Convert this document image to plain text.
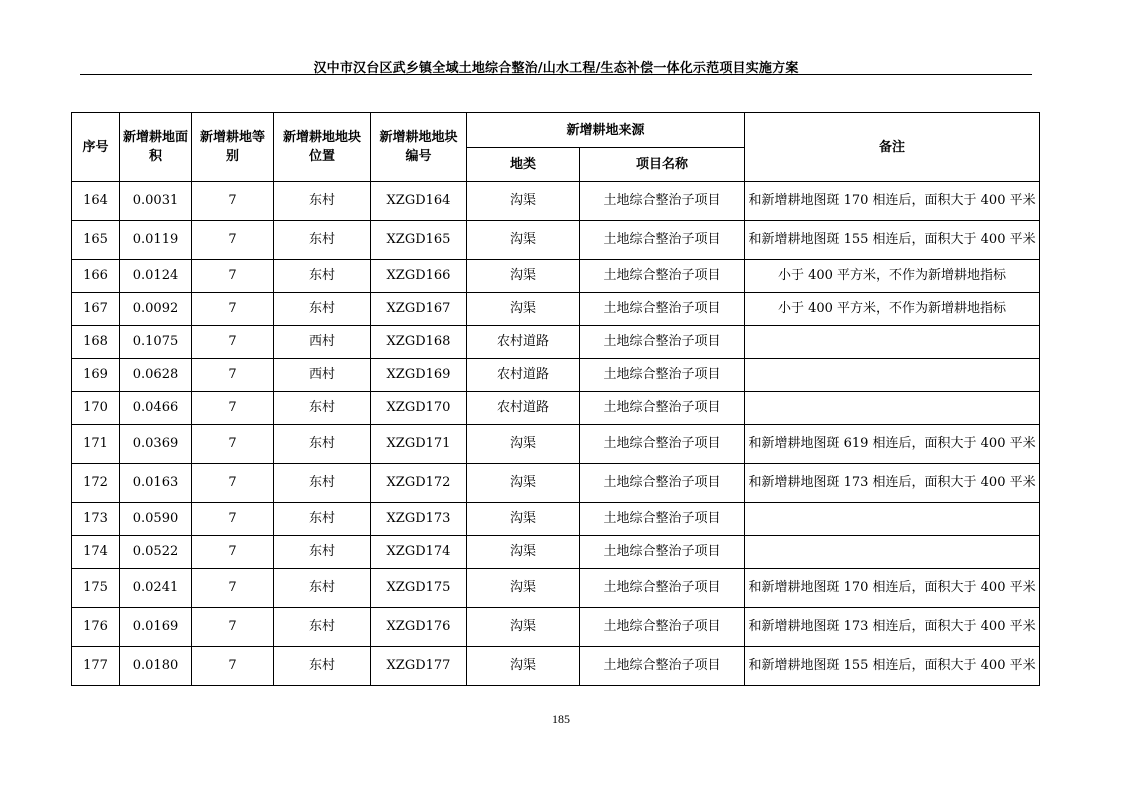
汉中市汉台区武乡镇全域土地综合整治/山水工程/生态补偿一体化示范项目实施方案
序号	新增耕地面积	新增耕地等别	新增耕地地块位置	新增耕地地块编号	新增耕地来源		备注
					地类	项目名称	
164	0.0031	7	东村	XZGD164	沟渠	土地综合整治子项目	和新增耕地图斑 170 相连后，面积大于 400 平米
165	0.0119	7	东村	XZGD165	沟渠	土地综合整治子项目	和新增耕地图斑 155 相连后，面积大于 400 平米
166	0.0124	7	东村	XZGD166	沟渠	土地综合整治子项目	小于 400 平方米，不作为新增耕地指标
167	0.0092	7	东村	XZGD167	沟渠	土地综合整治子项目	小于 400 平方米，不作为新增耕地指标
168	0.1075	7	西村	XZGD168	农村道路	土地综合整治子项目	
169	0.0628	7	西村	XZGD169	农村道路	土地综合整治子项目	
170	0.0466	7	东村	XZGD170	农村道路	土地综合整治子项目	
171	0.0369	7	东村	XZGD171	沟渠	土地综合整治子项目	和新增耕地图斑 619 相连后，面积大于 400 平米
172	0.0163	7	东村	XZGD172	沟渠	土地综合整治子项目	和新增耕地图斑 173 相连后，面积大于 400 平米
173	0.0590	7	东村	XZGD173	沟渠	土地综合整治子项目	
174	0.0522	7	东村	XZGD174	沟渠	土地综合整治子项目	
175	0.0241	7	东村	XZGD175	沟渠	土地综合整治子项目	和新增耕地图斑 170 相连后，面积大于 400 平米
176	0.0169	7	东村	XZGD176	沟渠	土地综合整治子项目	和新增耕地图斑 173 相连后，面积大于 400 平米
177	0.0180	7	东村	XZGD177	沟渠	土地综合整治子项目	和新增耕地图斑 155 相连后，面积大于 400 平米
185
